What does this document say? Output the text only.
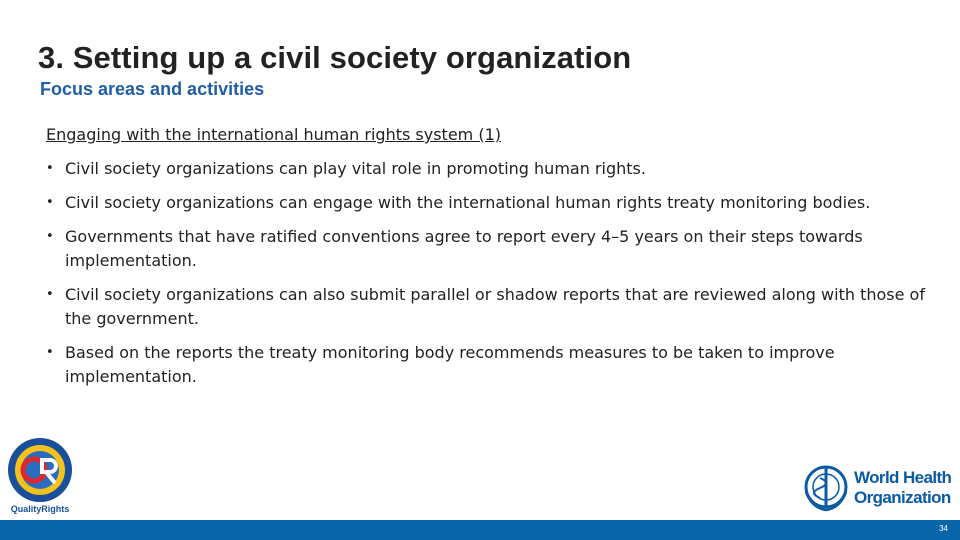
3. Setting up a civil society organization
Focus areas and activities
Engaging with the international human rights system (1)
• Civil society organizations can play vital role in promoting human rights.
• Civil society organizations can engage with the international human rights treaty monitoring bodies.
• Governments that have ratified conventions agree to report every 4–5 years on their steps towards implementation.
• Civil society organizations can also submit parallel or shadow reports that are reviewed along with those of the government.
• Based on the reports the treaty monitoring body recommends measures to be taken to improve implementation.
QualityRights
World Health
Organization
34
